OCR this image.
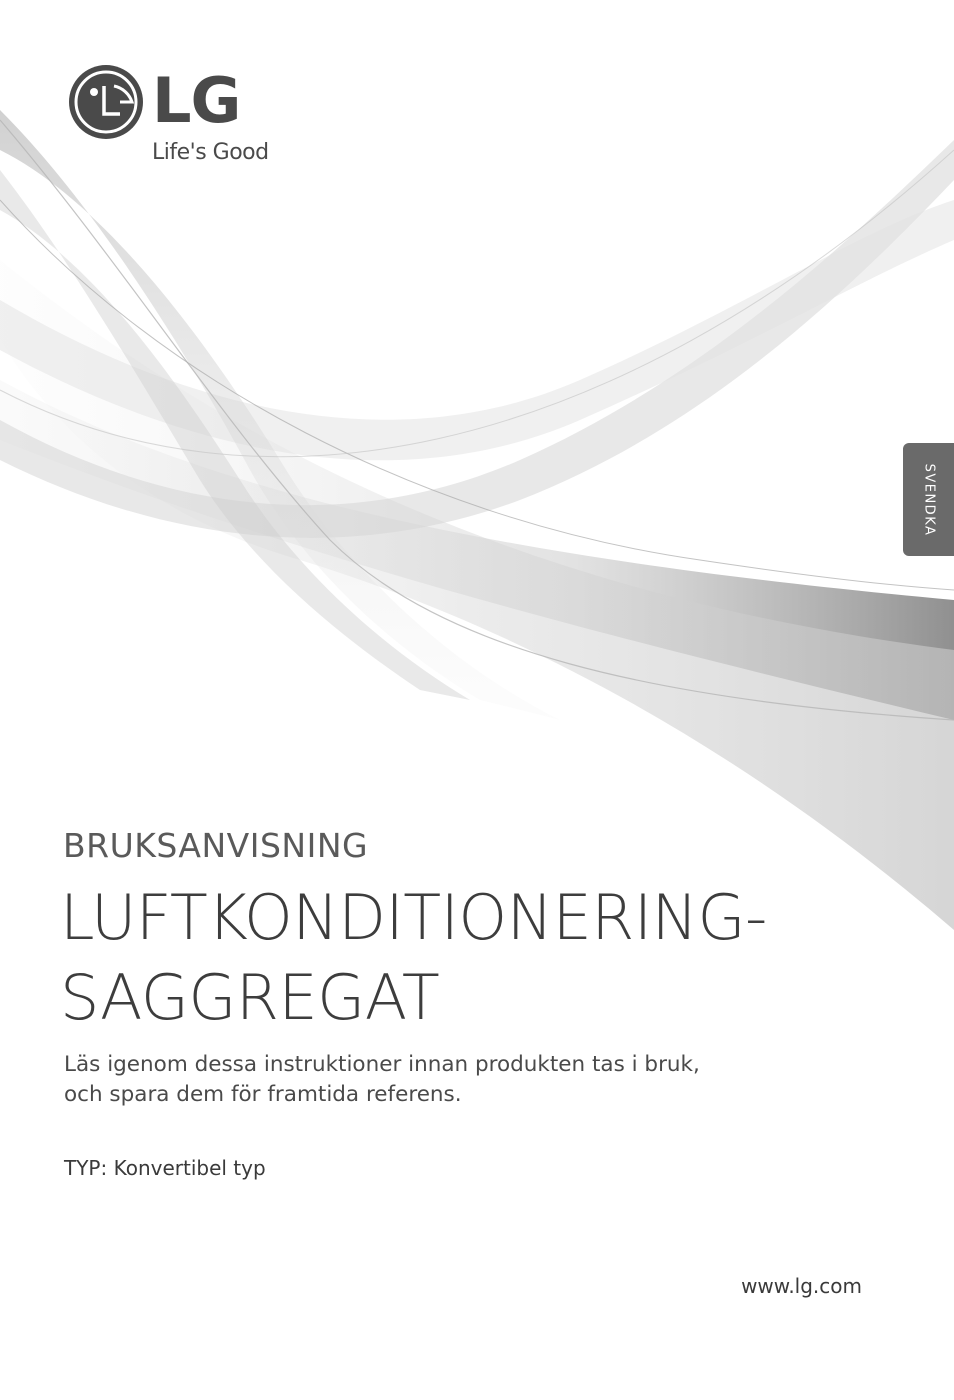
LG
Life's Good
SVENDKA
BRUKSANVISNING
LUFTKONDITIONERING-
SAGGREGAT
Läs igenom dessa instruktioner innan produkten tas i bruk,
och spara dem för framtida referens.
TYP: Konvertibel typ
www.lg.com
